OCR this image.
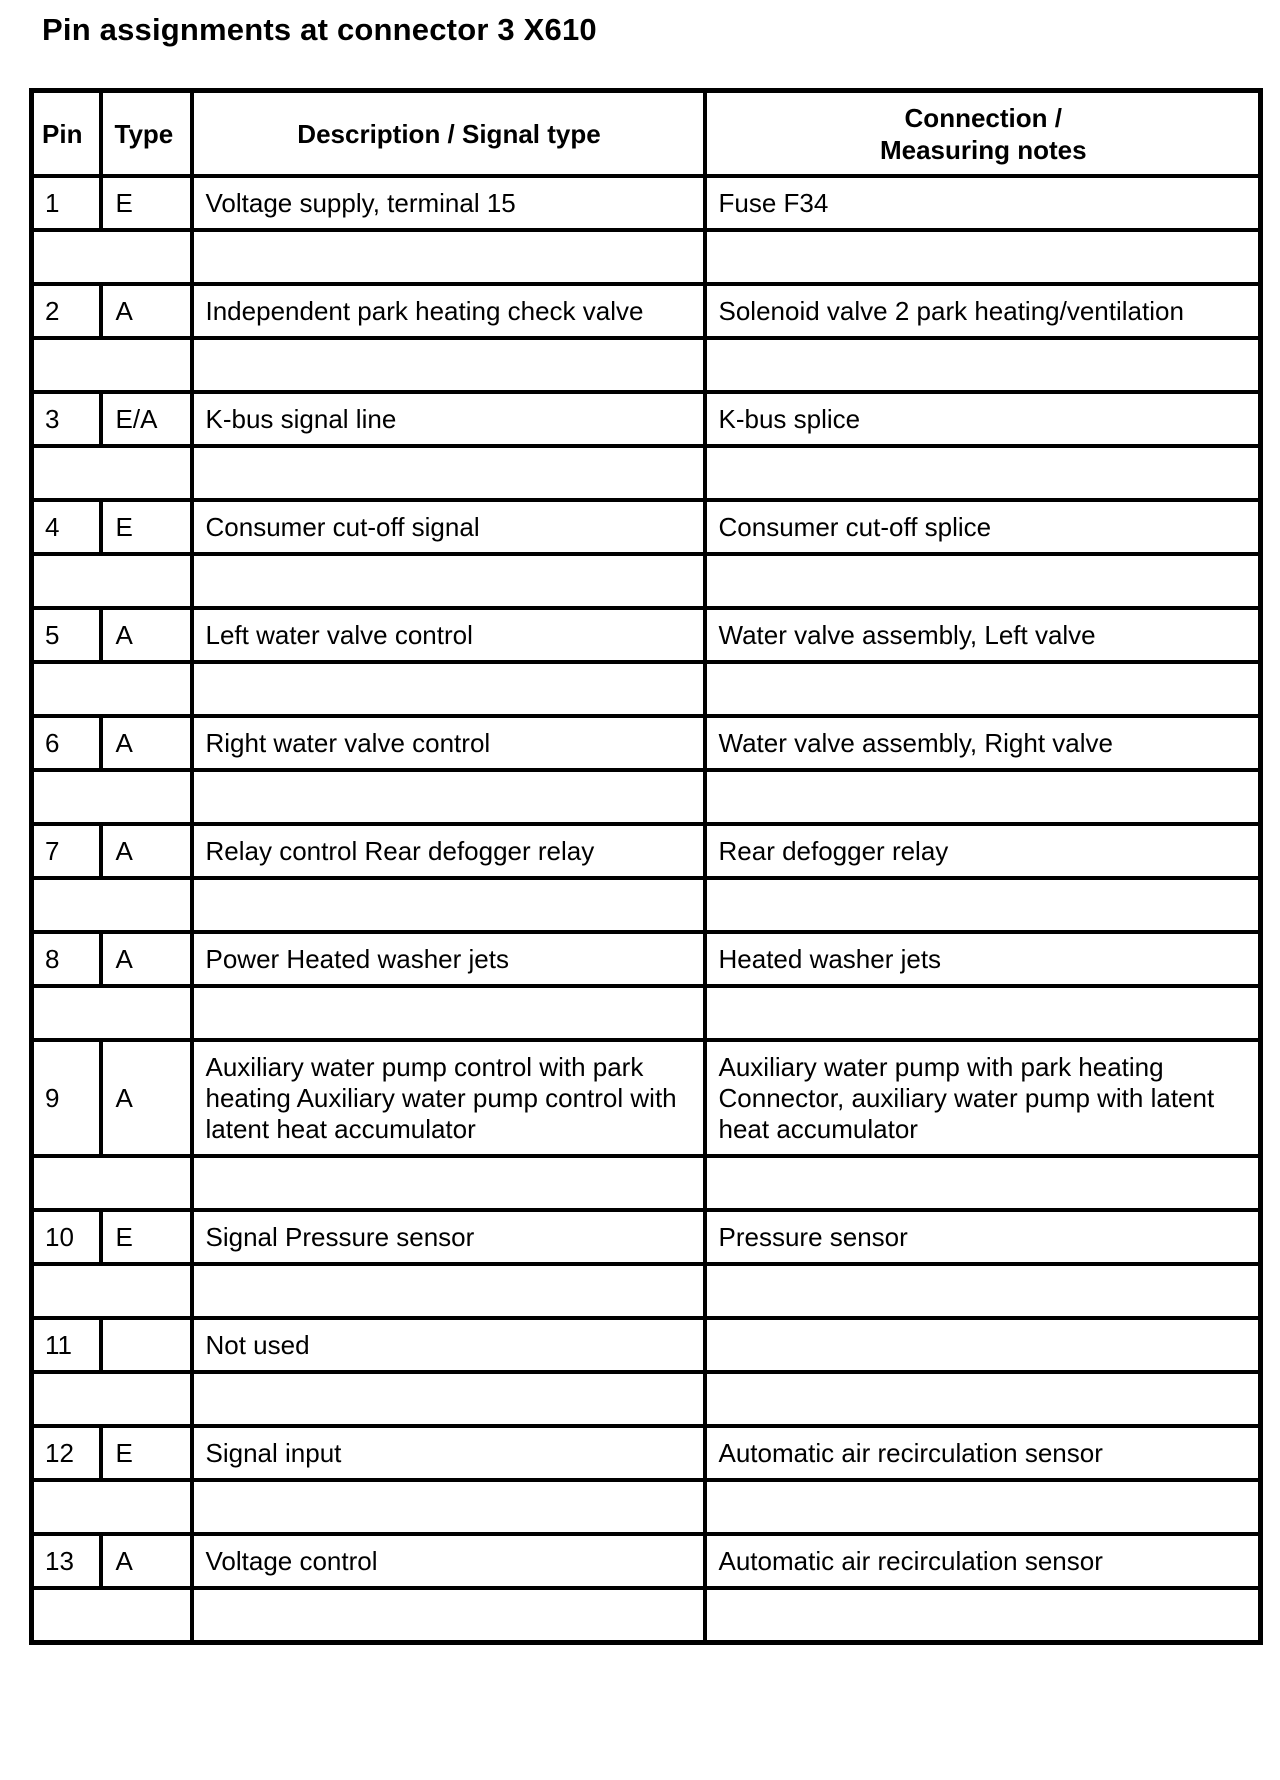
Pin assignments at connector 3 X610
Pin	Type	Description / Signal type	Connection /
Measuring notes

1	E	Voltage supply, terminal 15	Fuse F34

2	A	Independent park heating check valve	Solenoid valve 2 park heating/ventilation

3	E/A	K-bus signal line	K-bus splice

4	E	Consumer cut-off signal	Consumer cut-off splice

5	A	Left water valve control	Water valve assembly, Left valve

6	A	Right water valve control	Water valve assembly, Right valve

7	A	Relay control Rear defogger relay	Rear defogger relay

8	A	Power Heated washer jets	Heated washer jets

9	A	Auxiliary water pump control with park heating Auxiliary water pump control with latent heat accumulator	Auxiliary water pump with park heating Connector, auxiliary water pump with latent heat accumulator

10	E	Signal Pressure sensor	Pressure sensor

11		Not used	

12	E	Signal input	Automatic air recirculation sensor

13	A	Voltage control	Automatic air recirculation sensor
